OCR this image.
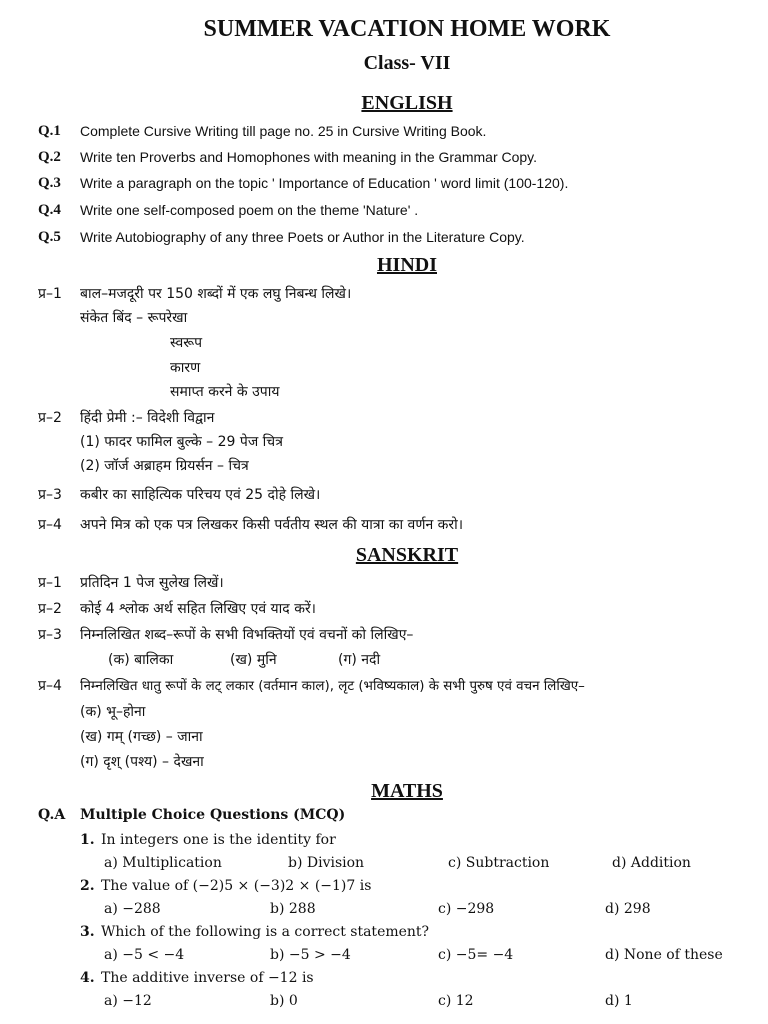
SUMMER VACATION HOME WORK
Class- VII
ENGLISH
Q.1 Complete Cursive Writing till page no. 25 in Cursive Writing Book.
Q.2 Write ten Proverbs and Homophones with meaning in the Grammar Copy.
Q.3 Write a paragraph on the topic ' Importance of Education ' word limit (100-120).
Q.4 Write one self-composed poem on the theme 'Nature' .
Q.5 Write Autobiography of any three Poets or Author in the Literature Copy.
HINDI
प्र–1 बाल–मजदूरी पर 150 शब्दों में एक लघु निबन्ध लिखे।
संकेत बिंद – रूपरेखा
स्वरूप
कारण
समाप्त करने के उपाय
प्र–2 हिंदी प्रेमी :– विदेशी विद्वान
(1) फादर फामिल बुल्के – 29 पेज चित्र
(2) जॉर्ज अब्राहम ग्रियर्सन – चित्र
प्र–3 कबीर का साहित्यिक परिचय एवं 25 दोहे लिखे।
प्र–4 अपने मित्र को एक पत्र लिखकर किसी पर्वतीय स्थल की यात्रा का वर्णन करो।
SANSKRIT
प्र–1 प्रतिदिन 1 पेज सुलेख लिखें।
प्र–2 कोई 4 श्लोक अर्थ सहित लिखिए एवं याद करें।
प्र–3 निम्नलिखित शब्द–रूपों के सभी विभक्तियों एवं वचनों को लिखिए–
(क) बालिका	(ख) मुनि	(ग) नदी
प्र–4 निम्नलिखित धातु रूपों के लट् लकार (वर्तमान काल), लृट (भविष्यकाल) के सभी पुरुष एवं वचन लिखिए–
(क) भू–होना
(ख) गम् (गच्छ) – जाना
(ग) दृश् (पश्य) – देखना
MATHS
Q.A Multiple Choice Questions (MCQ)
1. In integers one is the identity for
a) Multiplication	b) Division	c) Subtraction	d) Addition
2. The value of (−2)5 × (−3)2 × (−1)7 is
a) −288	b) 288	c) −298	d) 298
3. Which of the following is a correct statement?
a) −5 < −4	b) −5 > −4	c) −5= −4	d) None of these
4. The additive inverse of −12 is
a) −12	b) 0	c) 12	d) 1
